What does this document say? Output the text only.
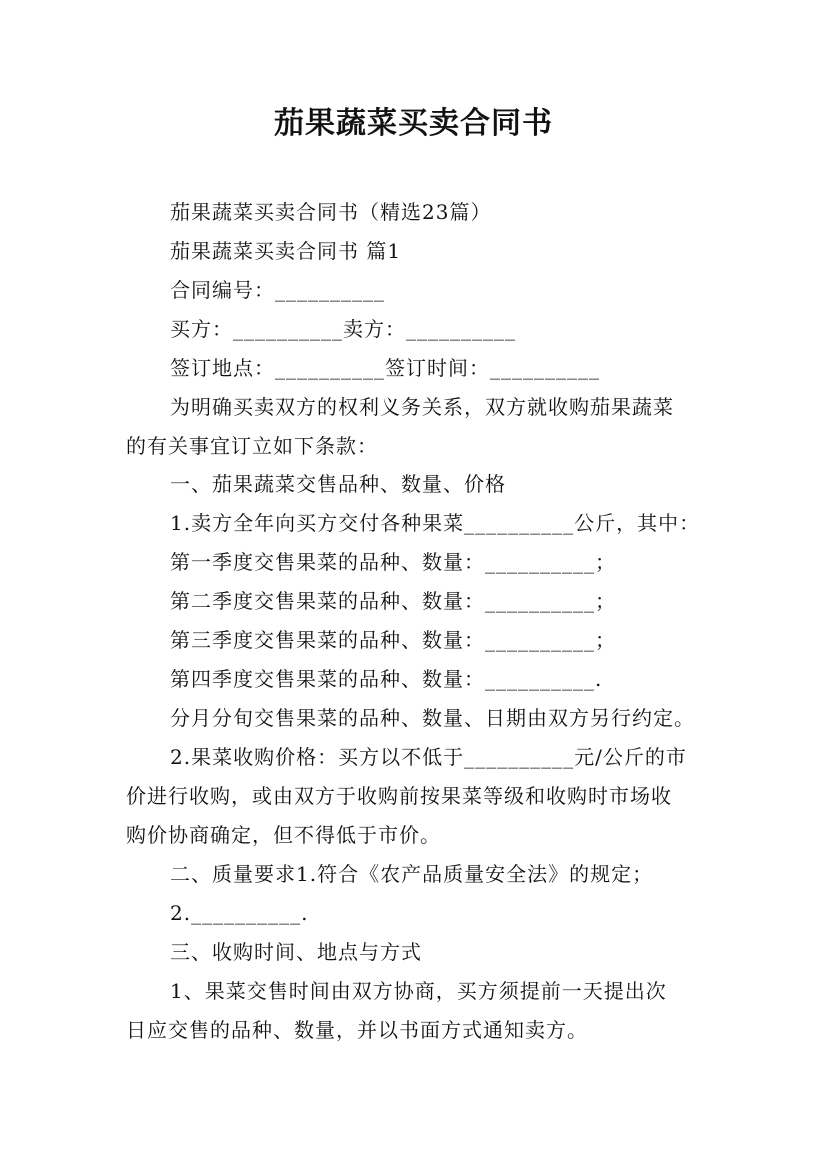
茄果蔬菜买卖合同书
茄果蔬菜买卖合同书（精选23篇）
茄果蔬菜买卖合同书 篇1
合同编号：__________
买方：__________卖方：__________
签订地点：__________签订时间：__________
为明确买卖双方的权利义务关系，双方就收购茄果蔬菜
的有关事宜订立如下条款：
一、茄果蔬菜交售品种、数量、价格
1.卖方全年向买方交付各种果菜__________公斤，其中：
第一季度交售果菜的品种、数量：__________；
第二季度交售果菜的品种、数量：__________；
第三季度交售果菜的品种、数量：__________；
第四季度交售果菜的品种、数量：__________.
分月分旬交售果菜的品种、数量、日期由双方另行约定。
2.果菜收购价格：买方以不低于__________元/公斤的市
价进行收购，或由双方于收购前按果菜等级和收购时市场收
购价协商确定，但不得低于市价。
二、质量要求1.符合《农产品质量安全法》的规定；
2.__________.
三、收购时间、地点与方式
1、果菜交售时间由双方协商，买方须提前一天提出次
日应交售的品种、数量，并以书面方式通知卖方。
